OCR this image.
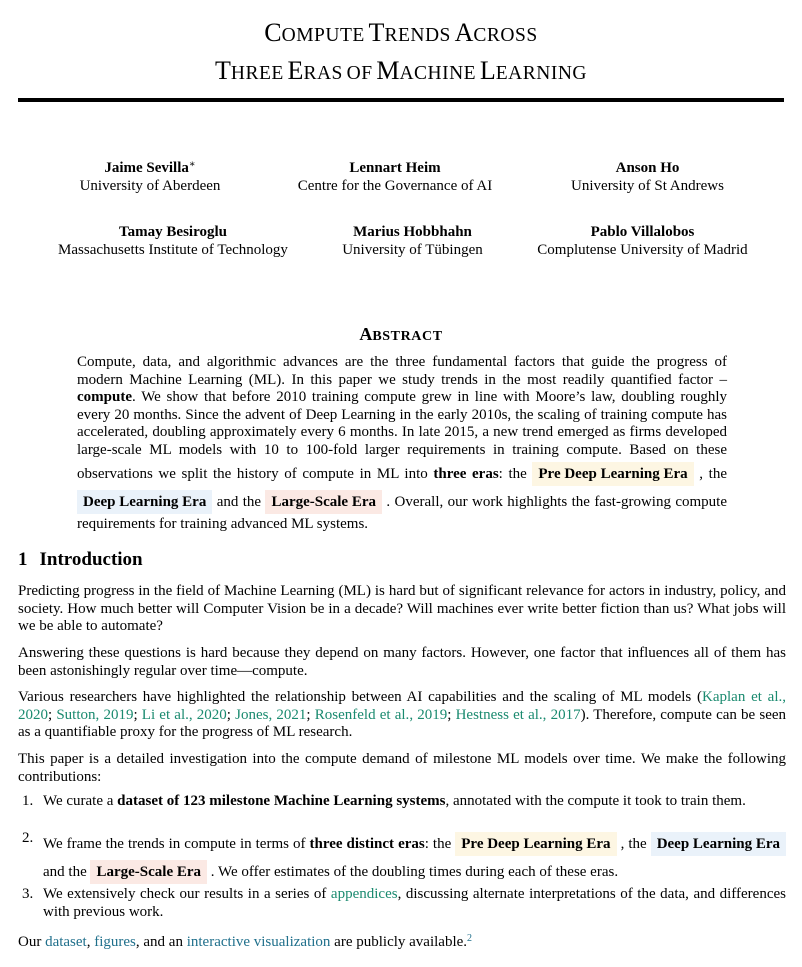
COMPUTE TRENDS ACROSS
THREE ERAS OF MACHINE LEARNING
Jaime Sevilla∗
University of Aberdeen
Lennart Heim
Centre for the Governance of AI
Anson Ho
University of St Andrews
Tamay Besiroglu
Massachusetts Institute of Technology
Marius Hobbhahn
University of Tübingen
Pablo Villalobos
Complutense University of Madrid
ABSTRACT
Compute, data, and algorithmic advances are the three fundamental factors that guide the progress of modern Machine Learning (ML). In this paper we study trends in the most readily quantified factor – compute. We show that before 2010 training compute grew in line with Moore’s law, doubling roughly every 20 months. Since the advent of Deep Learning in the early 2010s, the scaling of training compute has accelerated, doubling approximately every 6 months. In late 2015, a new trend emerged as firms developed large-scale ML models with 10 to 100-fold larger requirements in training compute. Based on these observations we split the history of compute in ML into three eras: the Pre Deep Learning Era , the Deep Learning Era and the Large-Scale Era . Overall, our work highlights the fast-growing compute requirements for training advanced ML systems.
1 Introduction
Predicting progress in the field of Machine Learning (ML) is hard but of significant relevance for actors in industry, policy, and society. How much better will Computer Vision be in a decade? Will machines ever write better fiction than us? What jobs will we be able to automate?
Answering these questions is hard because they depend on many factors. However, one factor that influences all of them has been astonishingly regular over time—compute.
Various researchers have highlighted the relationship between AI capabilities and the scaling of ML models (Kaplan et al., 2020; Sutton, 2019; Li et al., 2020; Jones, 2021; Rosenfeld et al., 2019; Hestness et al., 2017). Therefore, compute can be seen as a quantifiable proxy for the progress of ML research.
This paper is a detailed investigation into the compute demand of milestone ML models over time. We make the following contributions:
1. We curate a dataset of 123 milestone Machine Learning systems, annotated with the compute it took to train them.
2. We frame the trends in compute in terms of three distinct eras: the Pre Deep Learning Era , the Deep Learning Era and the Large-Scale Era . We offer estimates of the doubling times during each of these eras.
3. We extensively check our results in a series of appendices, discussing alternate interpretations of the data, and differences with previous work.
Our dataset, figures, and an interactive visualization are publicly available.$^2$
